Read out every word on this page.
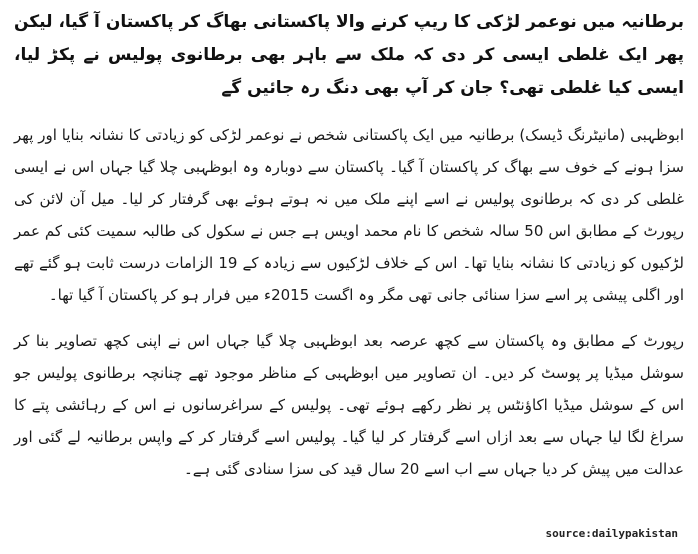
برطانیہ میں نوعمر لڑکی کا ریپ کرنے والا پاکستانی بھاگ کر پاکستان آ گیا، لیکن پھر ایک غلطی ایسی کر دی کہ ملک سے باہر بھی برطانوی پولیس نے پکڑ لیا، ایسی کیا غلطی تھی؟ جان کر آپ بھی دنگ رہ جائیں گے

ابوظہبی (مانیٹرنگ ڈیسک) برطانیہ میں ایک پاکستانی شخص نے نوعمر لڑکی کو زیادتی کا نشانہ بنایا اور پھر سزا ہونے کے خوف سے بھاگ کر پاکستان آ گیا۔ پاکستان سے دوبارہ وہ ابوظہبی چلا گیا جہاں اس نے ایسی غلطی کر دی کہ برطانوی پولیس نے اسے اپنے ملک میں نہ ہوتے ہوئے بھی گرفتار کر لیا۔ میل آن لائن کی رپورٹ کے مطابق اس 50 سالہ شخص کا نام محمد اویس ہے جس نے سکول کی طالبہ سمیت کئی کم عمر لڑکیوں کو زیادتی کا نشانہ بنایا تھا۔ اس کے خلاف لڑکیوں سے زیادہ کے 19 الزامات درست ثابت ہو گئے تھے اور اگلی پیشی پر اسے سزا سنائی جانی تھی مگر وہ اگست 2015ء میں فرار ہو کر پاکستان آ گیا تھا۔

رپورٹ کے مطابق وہ پاکستان سے کچھ عرصہ بعد ابوظہبی چلا گیا جہاں اس نے اپنی کچھ تصاویر بنا کر سوشل میڈیا پر پوسٹ کر دیں۔ ان تصاویر میں ابوظہبی کے مناظر موجود تھے چنانچہ برطانوی پولیس جو اس کے سوشل میڈیا اکاؤنٹس پر نظر رکھے ہوئے تھی۔ پولیس کے سراغرسانوں نے اس کے رہائشی پتے کا سراغ لگا لیا جہاں سے بعد ازاں اسے گرفتار کر لیا گیا۔ پولیس اسے گرفتار کر کے واپس برطانیہ لے گئی اور عدالت میں پیش کر دیا جہاں سے اب اسے 20 سال قید کی سزا سنادی گئی ہے۔

source:dailypakistan
